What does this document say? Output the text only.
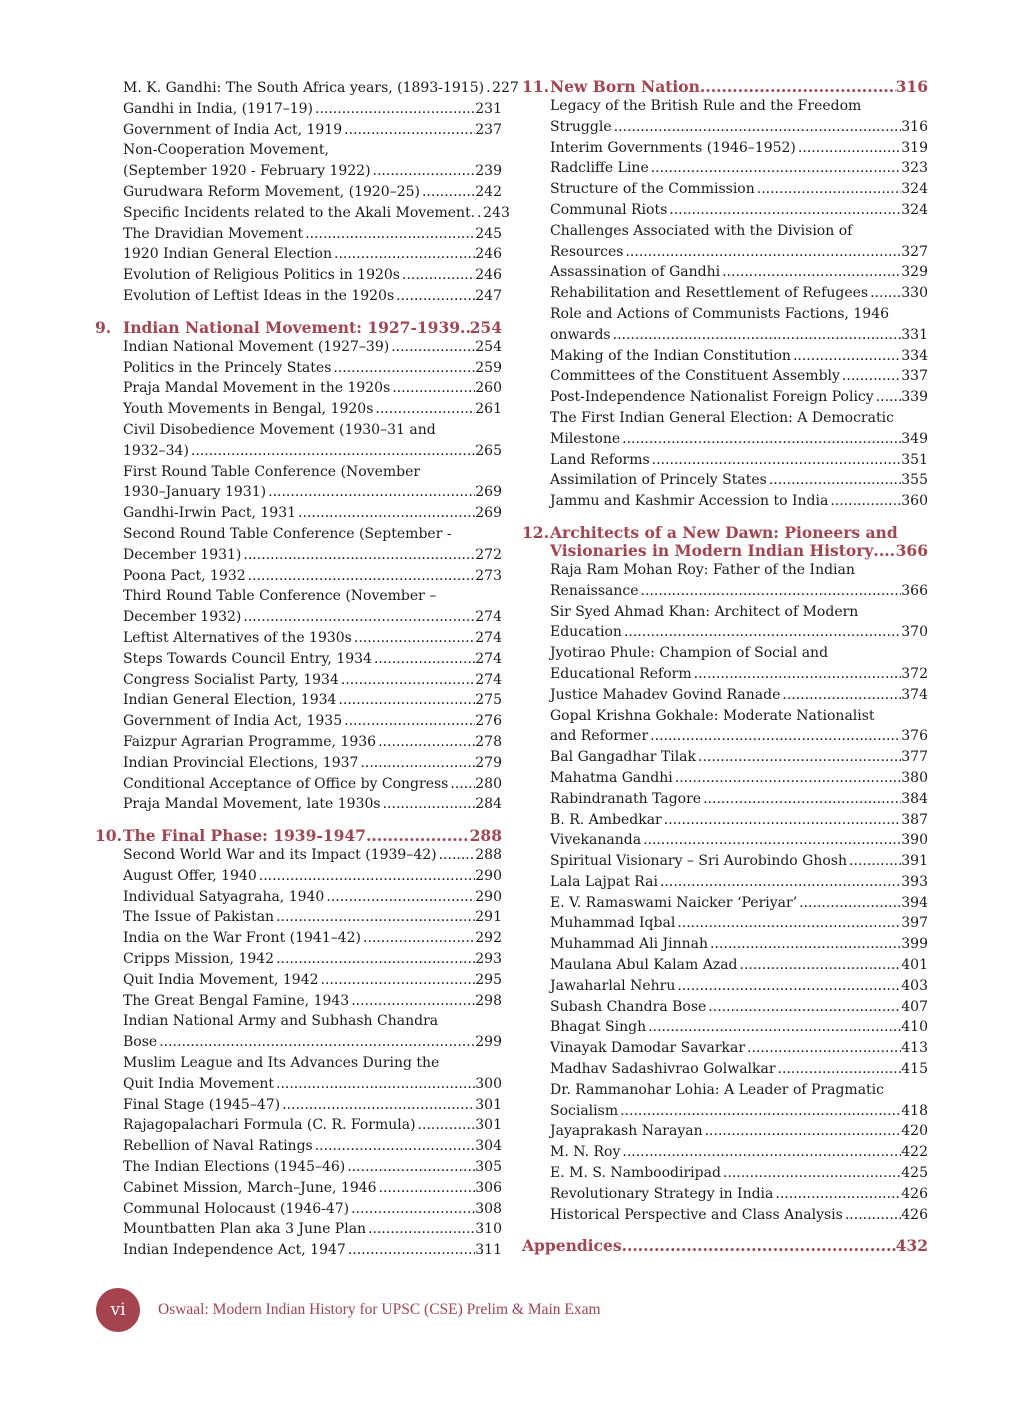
M. K. Gandhi: The South Africa years, (1893-1915) ..... 227
Gandhi in India, (1917–19) .....	231
Government of India Act, 1919 .....	237
Non-Cooperation Movement,
(September 1920 - February 1922) .....	239
Gurudwara Reform Movement, (1920–25) .....	242
Specific Incidents related to the Akali Movement. ..... 243
The Dravidian Movement .....	245
1920 Indian General Election .....	246
Evolution of Religious Politics in 1920s .....	246
Evolution of Leftist Ideas in the 1920s .....	247
9. Indian National Movement: 1927-1939 ..... 254
Indian National Movement (1927–39) .....	254
Politics in the Princely States .....	259
Praja Mandal Movement in the 1920s .....	260
Youth Movements in Bengal, 1920s .....	261
Civil Disobedience Movement (1930–31 and
1932–34) .....	265
First Round Table Conference (November
1930–January 1931) .....	269
Gandhi-Irwin Pact, 1931 .....	269
Second Round Table Conference (September -
December 1931) .....	272
Poona Pact, 1932 .....	273
Third Round Table Conference (November –
December 1932) .....	274
Leftist Alternatives of the 1930s .....	274
Steps Towards Council Entry, 1934 .....	274
Congress Socialist Party, 1934 .....	274
Indian General Election, 1934 .....	275
Government of India Act, 1935 .....	276
Faizpur Agrarian Programme, 1936 .....	278
Indian Provincial Elections, 1937 .....	279
Conditional Acceptance of Office by Congress ..... 280
Praja Mandal Movement, late 1930s .....	284
10. The Final Phase: 1939-1947 .....	288
Second World War and its Impact (1939–42) .....	288
August Offer, 1940 .....	290
Individual Satyagraha, 1940 .....	290
The Issue of Pakistan .....	291
India on the War Front (1941–42) .....	292
Cripps Mission, 1942 .....	293
Quit India Movement, 1942 .....	295
The Great Bengal Famine, 1943 .....	298
Indian National Army and Subhash Chandra
Bose .....	299
Muslim League and Its Advances During the
Quit India Movement .....	300
Final Stage (1945–47) .....	301
Rajagopalachari Formula (C. R. Formula) .....	301
Rebellion of Naval Ratings .....	304
The Indian Elections (1945–46) .....	305
Cabinet Mission, March–June, 1946 .....	306
Communal Holocaust (1946-47) .....	308
Mountbatten Plan aka 3 June Plan .....	310
Indian Independence Act, 1947 .....	311
11. New Born Nation .....	316
Legacy of the British Rule and the Freedom
Struggle .....	316
Interim Governments (1946–1952) .....	319
Radcliffe Line .....	323
Structure of the Commission .....	324
Communal Riots .....	324
Challenges Associated with the Division of
Resources .....	327
Assassination of Gandhi .....	329
Rehabilitation and Resettlement of Refugees ..... 330
Role and Actions of Communists Factions, 1946
onwards .....	331
Making of the Indian Constitution .....	334
Committees of the Constituent Assembly .....	337
Post-Independence Nationalist Foreign Policy ..... 339
The First Indian General Election: A Democratic
Milestone .....	349
Land Reforms .....	351
Assimilation of Princely States .....	355
Jammu and Kashmir Accession to India .....	360
12. Architects of a New Dawn: Pioneers and
Visionaries in Modern Indian History ..... 366
Raja Ram Mohan Roy: Father of the Indian
Renaissance .....	366
Sir Syed Ahmad Khan: Architect of Modern
Education .....	370
Jyotirao Phule: Champion of Social and
Educational Reform .....	372
Justice Mahadev Govind Ranade .....	374
Gopal Krishna Gokhale: Moderate Nationalist
and Reformer .....	376
Bal Gangadhar Tilak .....	377
Mahatma Gandhi .....	380
Rabindranath Tagore .....	384
B. R. Ambedkar .....	387
Vivekananda .....	390
Spiritual Visionary – Sri Aurobindo Ghosh .....	391
Lala Lajpat Rai .....	393
E. V. Ramaswami Naicker ‘Periyar’ .....	394
Muhammad Iqbal .....	397
Muhammad Ali Jinnah .....	399
Maulana Abul Kalam Azad .....	401
Jawaharlal Nehru .....	403
Subash Chandra Bose .....	407
Bhagat Singh .....	410
Vinayak Damodar Savarkar .....	413
Madhav Sadashivrao Golwalkar .....	415
Dr. Rammanohar Lohia: A Leader of Pragmatic
Socialism .....	418
Jayaprakash Narayan .....	420
M. N. Roy .....	422
E. M. S. Namboodiripad .....	425
Revolutionary Strategy in India .....	426
Historical Perspective and Class Analysis .....	426
Appendices .....	432
vi	Oswaal: Modern Indian History for UPSC (CSE) Prelim & Main Exam
